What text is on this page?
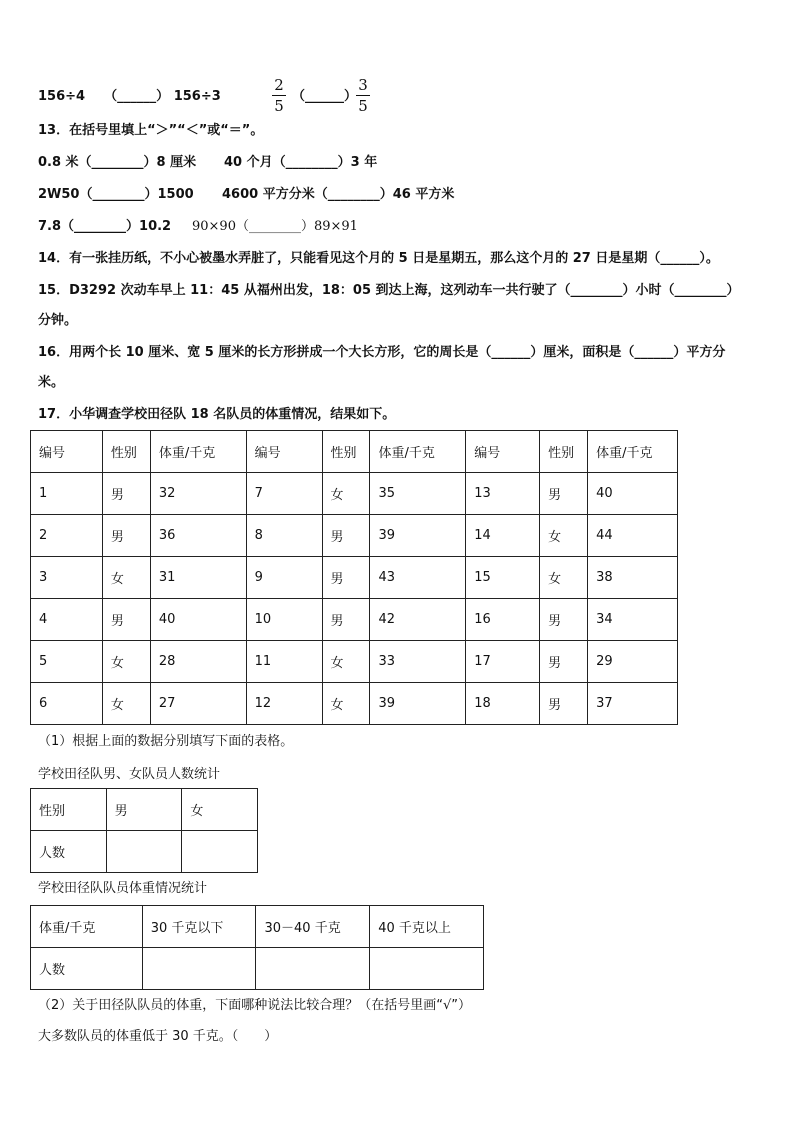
156÷4 （______） 156÷3
2
5
（______）
3
5
13．在括号里填上“＞”“＜”或“＝”。
0.8 米（________）8 厘米 40 个月（________）3 年
2W50（________）1500 4600 平方分米（________）46 平方米
7.8（________）10.2 90×90（________）89×91
14．有一张挂历纸，不小心被墨水弄脏了，只能看见这个月的 5 日是星期五，那么这个月的 27 日是星期（______）。
15．D3292 次动车早上 11：45 从福州出发，18：05 到达上海，这列动车一共行驶了（________）小时（________）
分钟。
16．用两个长 10 厘米、宽 5 厘米的长方形拼成一个大长方形，它的周长是（______）厘米，面积是（______）平方分
米。
17．小华调查学校田径队 18 名队员的体重情况，结果如下。
编号	性别	体重/千克	编号	性别	体重/千克	编号	性别	体重/千克
1	男	32	7	女	35	13	男	40
2	男	36	8	男	39	14	女	44
3	女	31	9	男	43	15	女	38
4	男	40	10	男	42	16	男	34
5	女	28	11	女	33	17	男	29
6	女	27	12	女	39	18	男	37
（1）根据上面的数据分别填写下面的表格。
学校田径队男、女队员人数统计
性别	男	女
人数		
学校田径队队员体重情况统计
体重/千克	30 千克以下	30－40 千克	40 千克以上
人数			
（2）关于田径队队员的体重，下面哪种说法比较合理？（在括号里画“√”）
大多数队员的体重低于 30 千克。（　　）
